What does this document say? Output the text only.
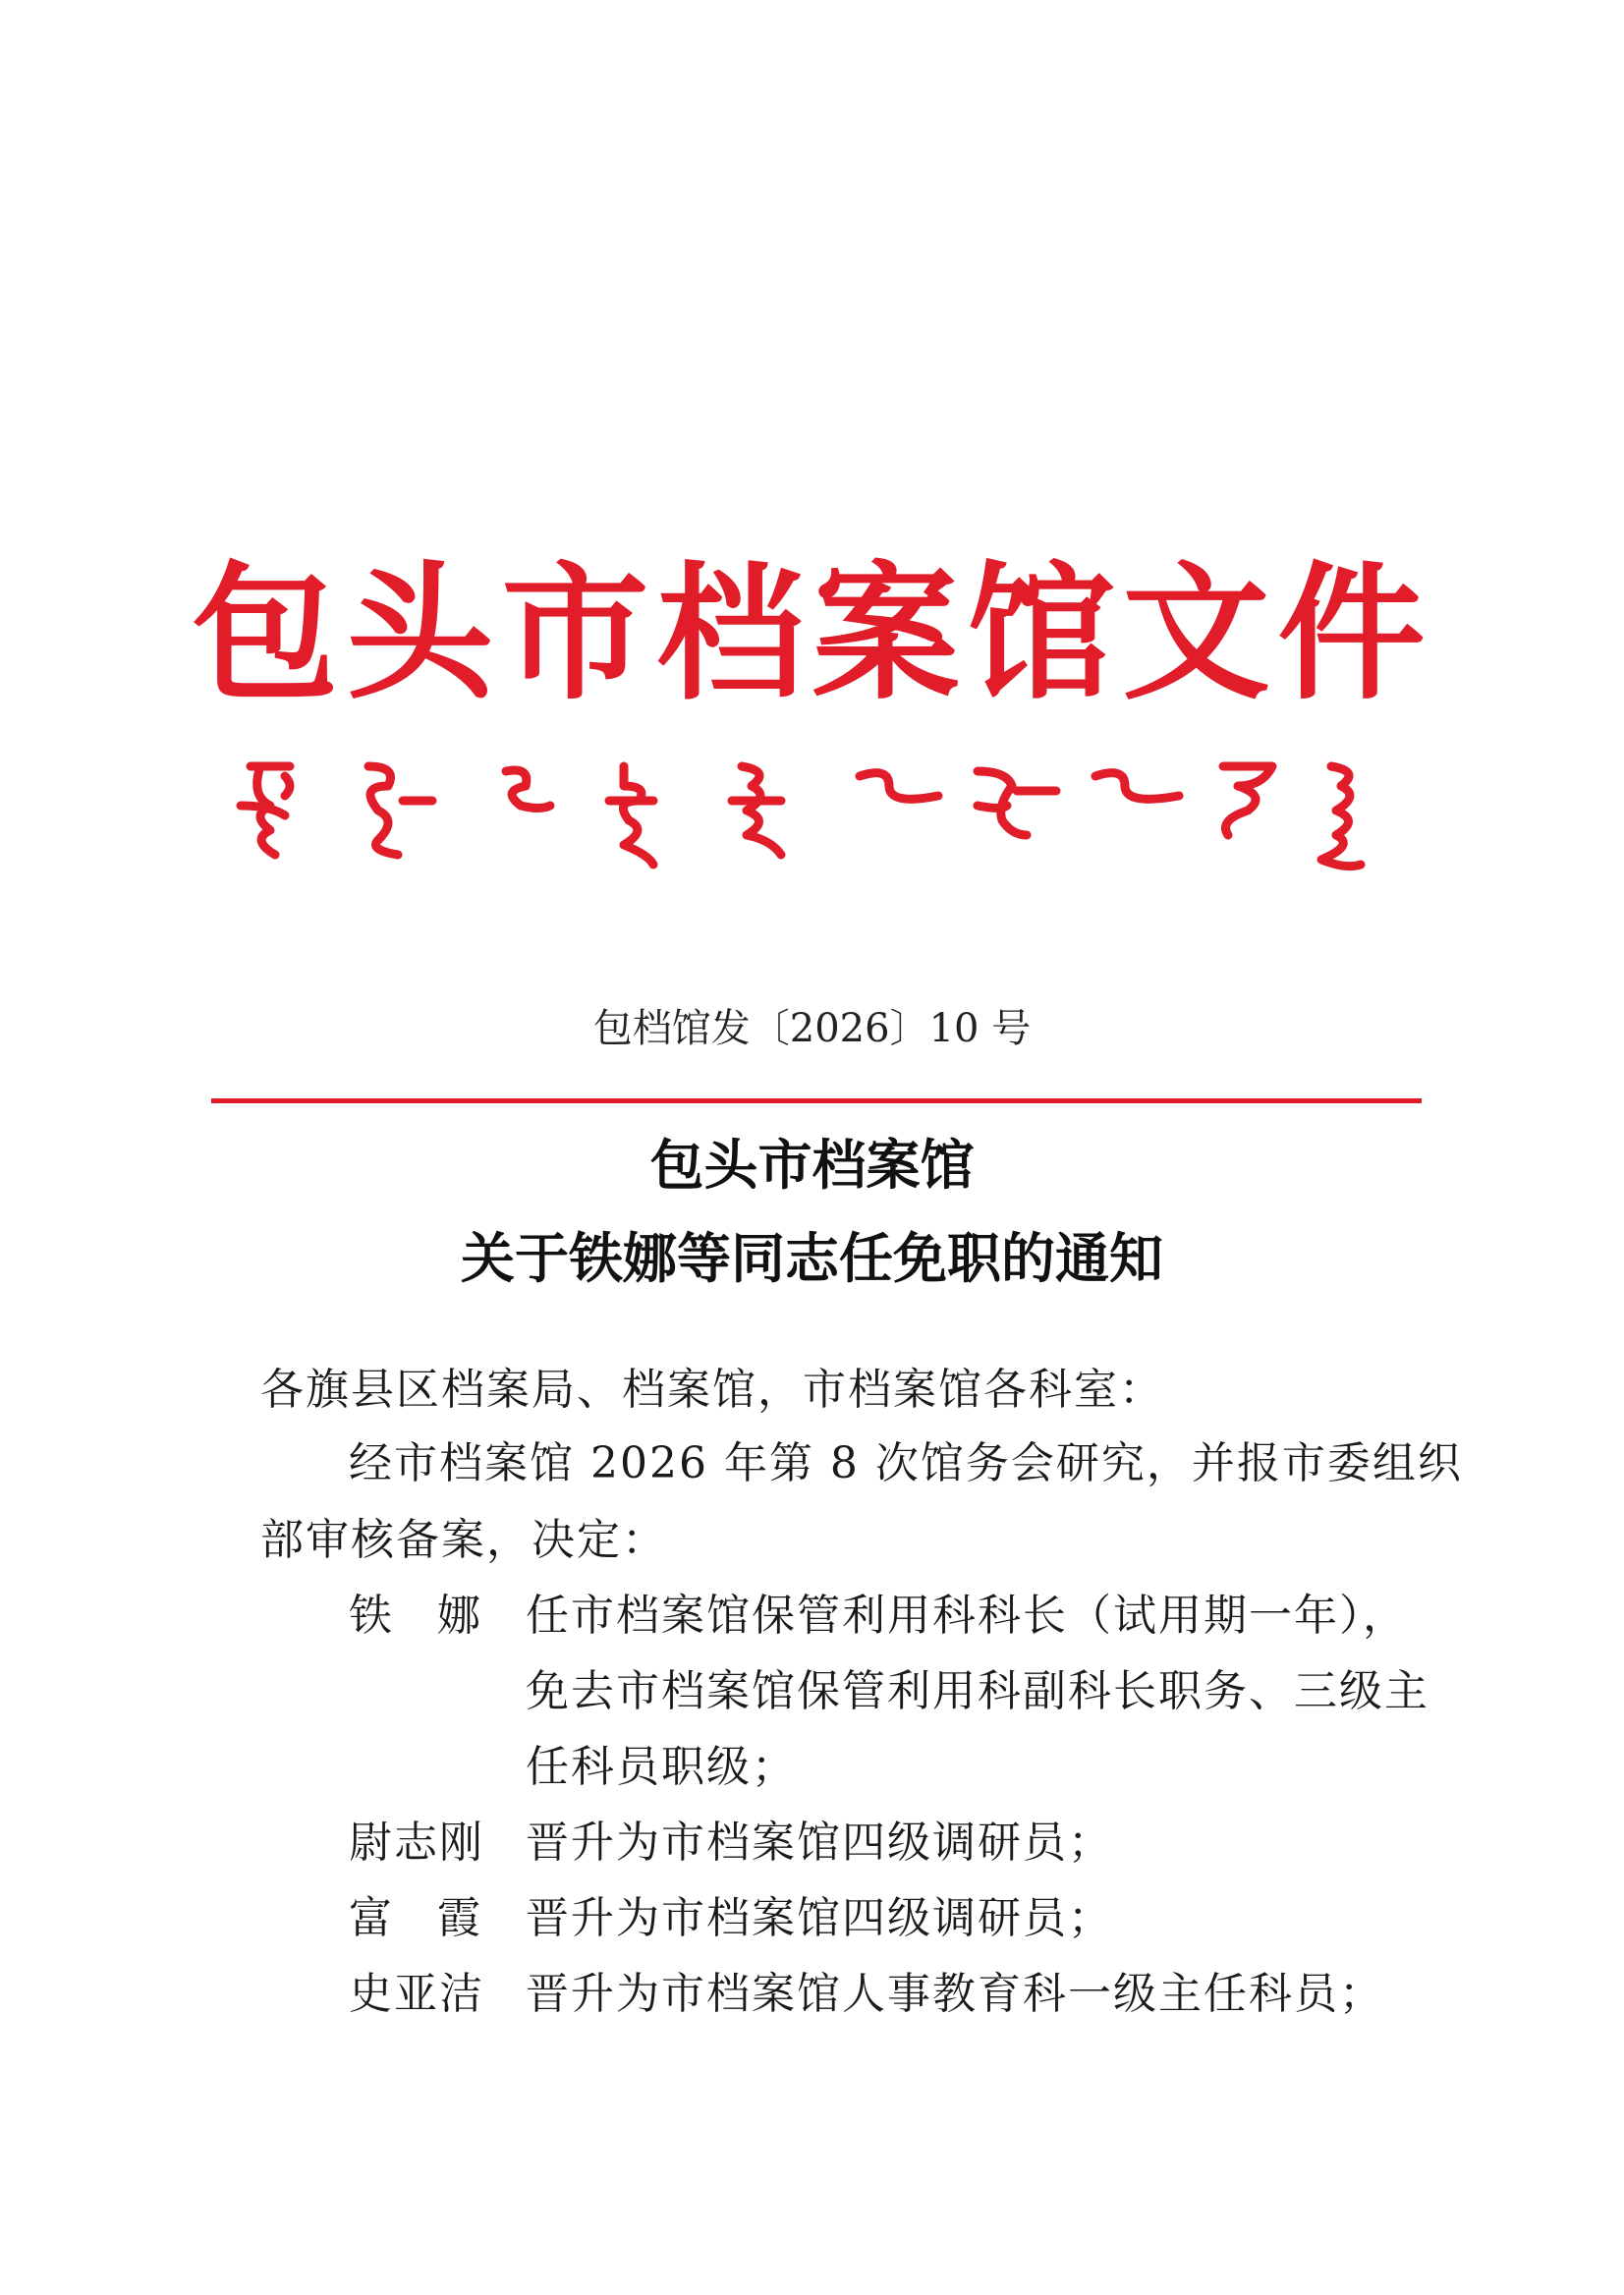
包头市档案馆文件
包档馆发〔2026〕10 号
包头市档案馆
关于铁娜等同志任免职的通知
各旗县区档案局、档案馆，市档案馆各科室：
经市档案馆 2026 年第 8 次馆务会研究，并报市委组织
部审核备案，决定：
铁娜 任市档案馆保管利用科科长（试用期一年），
免去市档案馆保管利用科副科长职务、三级主
任科员职级；
尉志刚 晋升为市档案馆四级调研员；
富霞 晋升为市档案馆四级调研员；
史亚洁 晋升为市档案馆人事教育科一级主任科员；
